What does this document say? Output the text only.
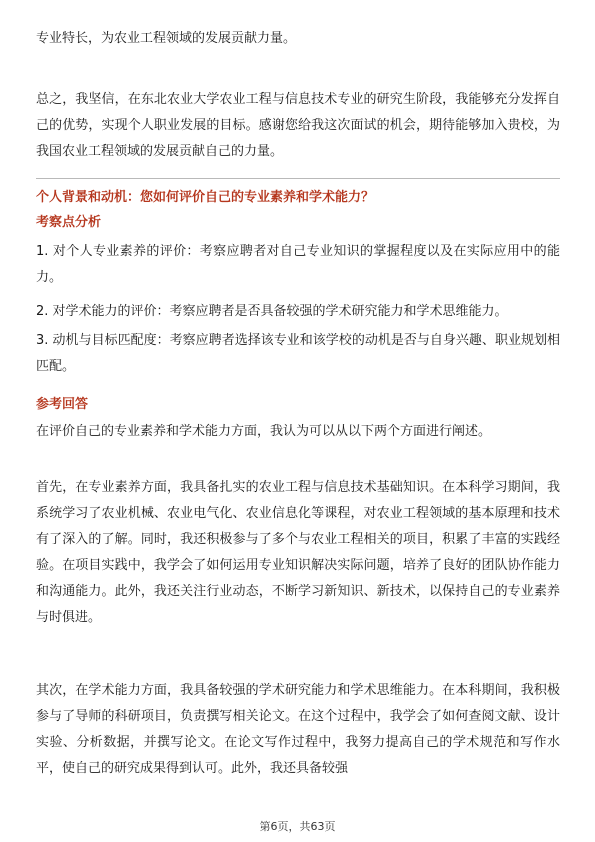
专业特长，为农业工程领域的发展贡献力量。

总之，我坚信，在东北农业大学农业工程与信息技术专业的研究生阶段，我能够充分发挥自己的优势，实现个人职业发展的目标。感谢您给我这次面试的机会，期待能够加入贵校，为我国农业工程领域的发展贡献自己的力量。

个人背景和动机：您如何评价自己的专业素养和学术能力？
考察点分析

1. 对个人专业素养的评价：考察应聘者对自己专业知识的掌握程度以及在实际应用中的能力。

2. 对学术能力的评价：考察应聘者是否具备较强的学术研究能力和学术思维能力。

3. 动机与目标匹配度：考察应聘者选择该专业和该学校的动机是否与自身兴趣、职业规划相匹配。

参考回答

在评价自己的专业素养和学术能力方面，我认为可以从以下两个方面进行阐述。

首先，在专业素养方面，我具备扎实的农业工程与信息技术基础知识。在本科学习期间，我系统学习了农业机械、农业电气化、农业信息化等课程，对农业工程领域的基本原理和技术有了深入的了解。同时，我还积极参与了多个与农业工程相关的项目，积累了丰富的实践经验。在项目实践中，我学会了如何运用专业知识解决实际问题，培养了良好的团队协作能力和沟通能力。此外，我还关注行业动态，不断学习新知识、新技术，以保持自己的专业素养与时俱进。

其次，在学术能力方面，我具备较强的学术研究能力和学术思维能力。在本科期间，我积极参与了导师的科研项目，负责撰写相关论文。在这个过程中，我学会了如何查阅文献、设计实验、分析数据，并撰写论文。在论文写作过程中，我努力提高自己的学术规范和写作水平，使自己的研究成果得到认可。此外，我还具备较强

第6页，共63页
